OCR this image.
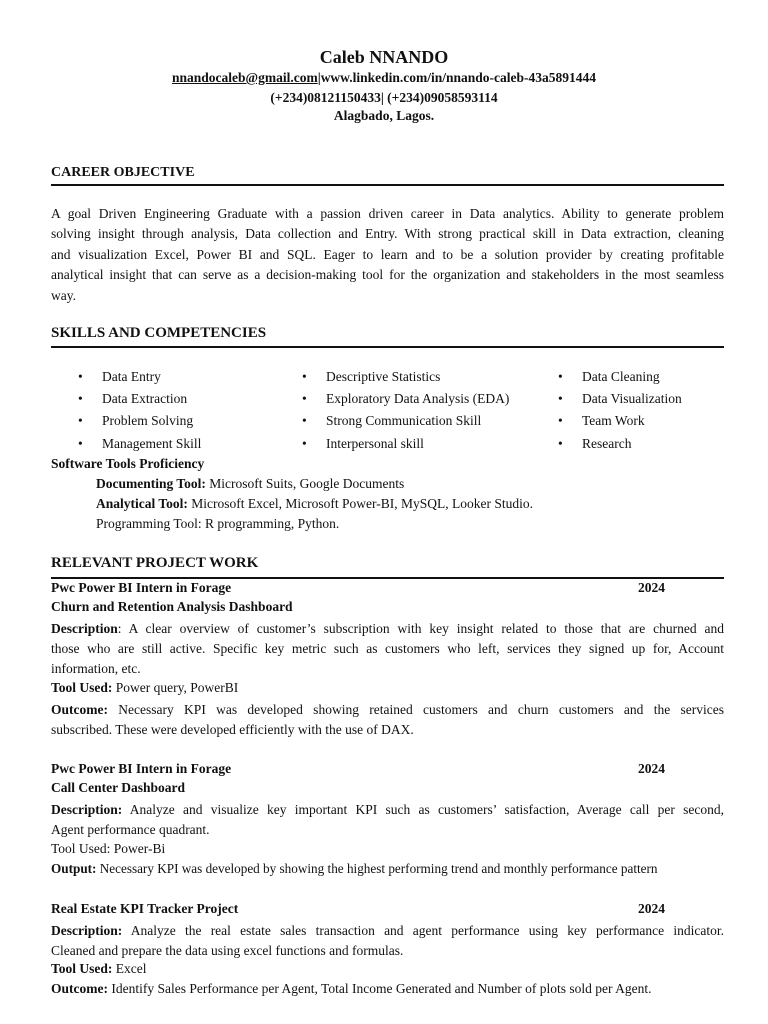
Caleb NNANDO
nnandocaleb@gmail.com|www.linkedin.com/in/nnando-caleb-43a5891444
(+234)08121150433| (+234)09058593114
Alagbado, Lagos.
CAREER OBJECTIVE
A goal Driven Engineering Graduate with a passion driven career in Data analytics. Ability to generate problem
solving insight through analysis, Data collection and Entry. With strong practical skill in Data extraction, cleaning
and visualization Excel, Power BI and SQL. Eager to learn and to be a solution provider by creating profitable
analytical insight that can serve as a decision-making tool for the organization and stakeholders in the most seamless
way.
SKILLS AND COMPETENCIES
• Data Entry
• Data Extraction
• Problem Solving
• Management Skill
• Descriptive Statistics
• Exploratory Data Analysis (EDA)
• Strong Communication Skill
• Interpersonal skill
• Data Cleaning
• Data Visualization
• Team Work
• Research
Software Tools Proficiency
Documenting Tool: Microsoft Suits, Google Documents
Analytical Tool: Microsoft Excel, Microsoft Power-BI, MySQL, Looker Studio.
Programming Tool: R programming, Python.
RELEVANT PROJECT WORK
Pwc Power BI Intern in Forage	2024
Churn and Retention Analysis Dashboard
Description: A clear overview of customer’s subscription with key insight related to those that are churned and
those who are still active. Specific key metric such as customers who left, services they signed up for, Account
information, etc.
Tool Used: Power query, PowerBI
Outcome: Necessary KPI was developed showing retained customers and churn customers and the services
subscribed. These were developed efficiently with the use of DAX.
Pwc Power BI Intern in Forage	2024
Call Center Dashboard
Description: Analyze and visualize key important KPI such as customers’ satisfaction, Average call per second,
Agent performance quadrant.
Tool Used: Power-Bi
Output: Necessary KPI was developed by showing the highest performing trend and monthly performance pattern
Real Estate KPI Tracker Project	2024
Description: Analyze the real estate sales transaction and agent performance using key performance indicator.
Cleaned and prepare the data using excel functions and formulas.
Tool Used: Excel
Outcome: Identify Sales Performance per Agent, Total Income Generated and Number of plots sold per Agent.
